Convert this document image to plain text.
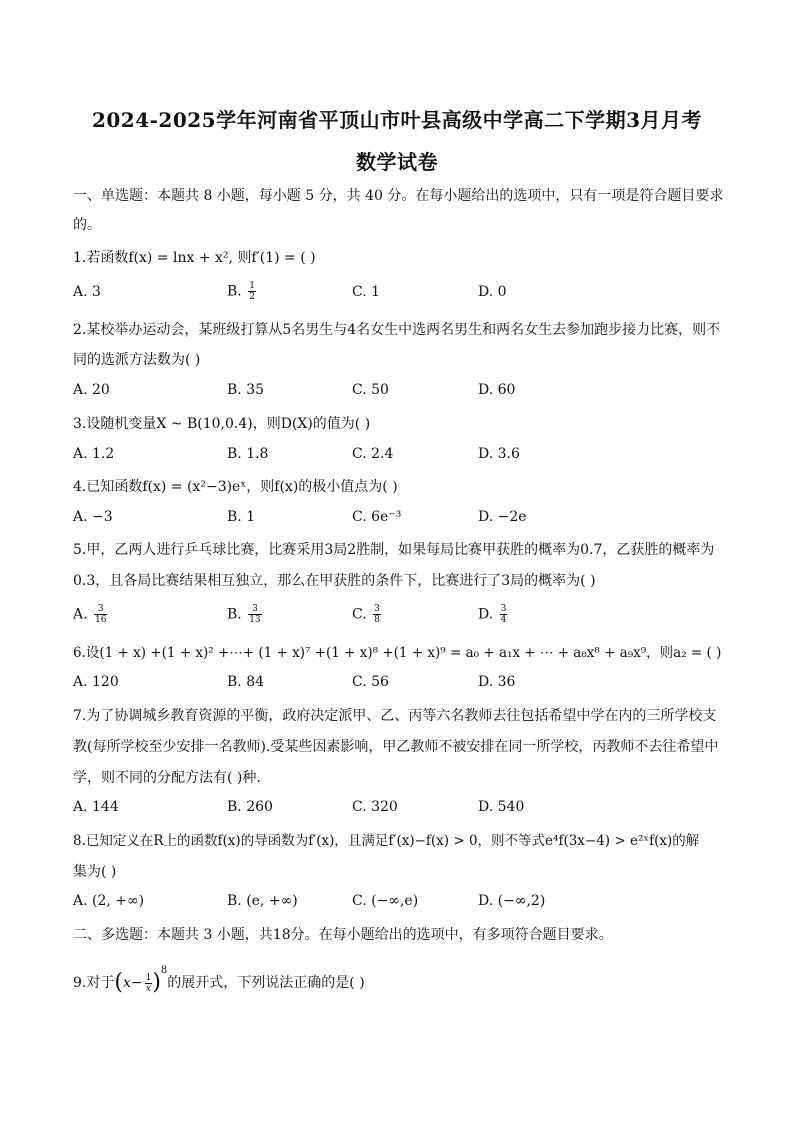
2024-2025学年河南省平顶山市叶县高级中学高二下学期3月月考
数学试卷
一、单选题：本题共 8 小题，每小题 5 分，共 40 分。在每小题给出的选项中，只有一项是符合题目要求
的。
1.若函数f(x) = lnx + x², 则f′(1) = ( )
A. 3	B. $\frac{1}{2}$	C. 1	D. 0
2.某校举办运动会，某班级打算从5名男生与4名女生中选两名男生和两名女生去参加跑步接力比赛，则不
同的选派方法数为( )
A. 20	B. 35	C. 50	D. 60
3.设随机变量X ~ B(10,0.4)，则D(X)的值为( )
A. 1.2	B. 1.8	C. 2.4	D. 3.6
4.已知函数f(x) = (x²−3)eˣ，则f(x)的极小值点为( )
A. −3	B. 1	C. 6e⁻³	D. −2e
5.甲，乙两人进行乒乓球比赛，比赛采用3局2胜制，如果每局比赛甲获胜的概率为0.7，乙获胜的概率为
0.3，且各局比赛结果相互独立，那么在甲获胜的条件下，比赛进行了3局的概率为( )
A. $\frac{3}{16}$	B. $\frac{3}{13}$	C. $\frac{3}{8}$	D. $\frac{3}{4}$
6.设(1 + x) +(1 + x)² +⋯+ (1 + x)⁷ +(1 + x)⁸ +(1 + x)⁹ = a₀ + a₁x + ⋯ + a₈x⁸ + a₉x⁹，则a₂ = ( )
A. 120	B. 84	C. 56	D. 36
7.为了协调城乡教育资源的平衡，政府决定派甲、乙、丙等六名教师去往包括希望中学在内的三所学校支
教(每所学校至少安排一名教师).受某些因素影响，甲乙教师不被安排在同一所学校，丙教师不去往希望中
学，则不同的分配方法有( )种.
A. 144	B. 260	C. 320	D. 540
8.已知定义在R上的函数f(x)的导函数为f′(x)，且满足f′(x)−f(x) > 0，则不等式e⁴f(3x−4) > e²ˣf(x)的解
集为( )
A. (2, +∞)	B. (e, +∞)	C. (−∞,e)	D. (−∞,2)
二、多选题：本题共 3 小题，共18分。在每小题给出的选项中，有多项符合题目要求。
9.对于$(x- \frac{1}{x} )^8$的展开式，下列说法正确的是( )
